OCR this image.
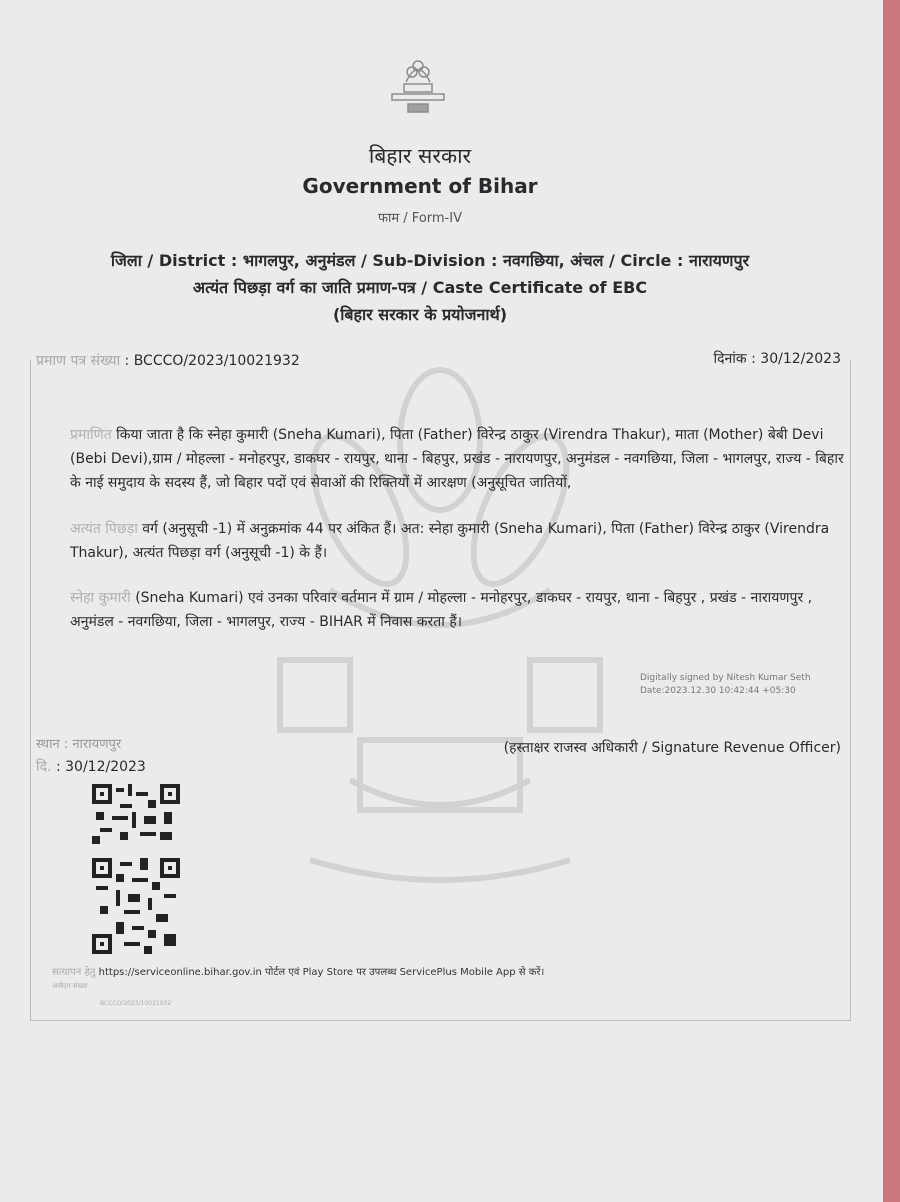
बिहार सरकार
Government of Bihar
फाम / Form-IV
जिला / District : भागलपुर, अनुमंडल / Sub-Division : नवगछिया, अंचल / Circle : नारायणपुर
अत्यंत पिछड़ा वर्ग का जाति प्रमाण-पत्र / Caste Certificate of EBC
(बिहार सरकार के प्रयोजनार्थ)
प्रमाण पत्र संख्या : BCCCO/2023/10021932	दिनांक : 30/12/2023
प्रमाणित किया जाता है कि स्नेहा कुमारी (Sneha Kumari), पिता (Father) विरेन्द्र ठाकुर (Virendra Thakur), माता (Mother) बेबी Devi (Bebi Devi),ग्राम / मोहल्ला - मनोहरपुर, डाकघर - रायपुर, थाना - बिहपुर, प्रखंड - नारायणपुर, अनुमंडल - नवगछिया, जिला - भागलपुर, राज्य - बिहार के नाई समुदाय के सदस्य हैं, जो बिहार पदों एवं सेवाओं की रिक्तियों में आरक्षण (अनुसूचित जातियों,
अत्यंत पिछड़ा वर्ग (अनुसूची -1) में अनुक्रमांक 44 पर अंकित हैं। अत: स्नेहा कुमारी (Sneha Kumari), पिता (Father) विरेन्द्र ठाकुर (Virendra Thakur), अत्यंत पिछड़ा वर्ग (अनुसूची -1) के हैं।
स्नेहा कुमारी (Sneha Kumari) एवं उनका परिवार वर्तमान में ग्राम / मोहल्ला - मनोहरपुर, डाकघर - रायपुर, थाना - बिहपुर , प्रखंड - नारायणपुर , अनुमंडल - नवगछिया, जिला - भागलपुर, राज्य - BIHAR में निवास करता हैं।
Digitally signed by Nitesh Kumar Seth
Date:2023.12.30 10:42:44 +05:30
(हस्ताक्षर राजस्व अधिकारी / Signature Revenue Officer)
स्थान : नारायणपुर
दि. : 30/12/2023
सत्यापन हेतु https://serviceonline.bihar.gov.in पोर्टल एवं Play Store पर उपलब्ध ServicePlus Mobile App से करें।
आवेदन संख्या
BCCCO/2023/10021932
